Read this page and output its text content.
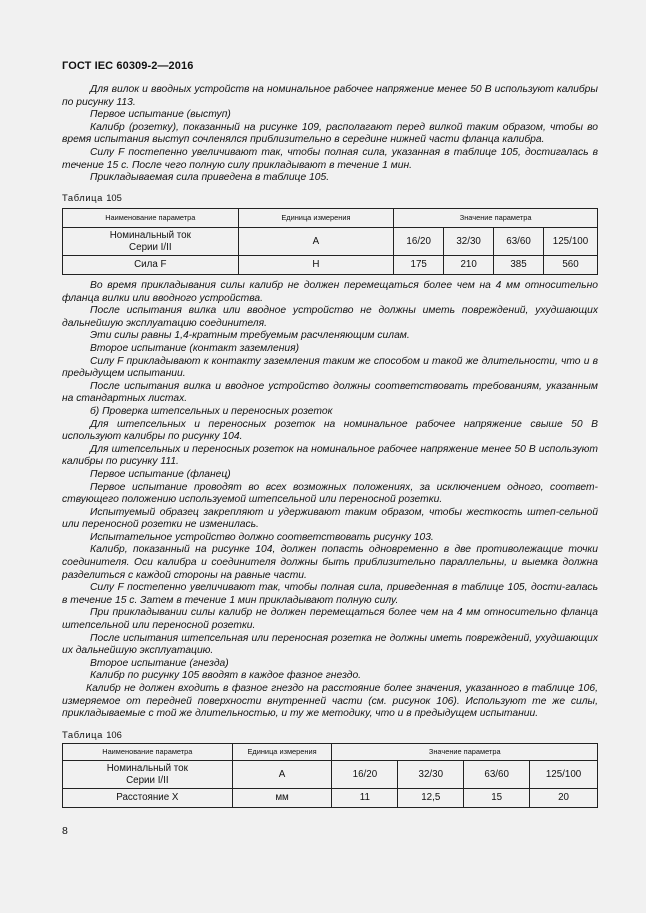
ГОСТ IEC 60309-2—2016

Для вилок и вводных устройств на номинальное рабочее напряжение менее 50 В используют калибры по рисунку 113.

Первое испытание (выступ)

Калибр (розетку), показанный на рисунке 109, располагают перед вилкой таким образом, чтобы во время испытания выступ сочленялся приблизительно в середине нижней части фланца калибра.

Силу F постепенно увеличивают так, чтобы полная сила, указанная в таблице 105, достигалась в течение 15 с. После чего полную силу прикладывают в течение 1 мин.

Прикладываемая сила приведена в таблице 105.

Таблица 105
Наименование параметра	Единица измерения	Значение параметра			

Номинальный ток
Серии I/II	А	16/20	32/30	63/60	125/100
Сила F	Н	175	210	385	560

Во время прикладывания силы калибр не должен перемещаться более чем на 4 мм относительно фланца вилки или вводного устройства.

После испытания вилка или вводное устройство не должны иметь повреждений, ухудшающих дальнейшую эксплуатацию соединителя.

Эти силы равны 1,4-кратным требуемым расчленяющим силам.

Второе испытание (контакт заземления)

Силу F прикладывают к контакту заземления таким же способом и такой же длительности, что и в предыдущем испытании.

После испытания вилка и вводное устройство должны соответствовать требованиям, указанным на стандартных листах.

б) Проверка штепсельных и переносных розеток

Для штепсельных и переносных розеток на номинальное рабочее напряжение свыше 50 В используют калибры по рисунку 104.

Для штепсельных и переносных розеток на номинальное рабочее напряжение менее 50 В используют калибры по рисунку 111.

Первое испытание (фланец)

Первое испытание проводят во всех возможных положениях, за исключением одного, соответ-ствующего положению используемой штепсельной или переносной розетки.

Испытуемый образец закрепляют и удерживают таким образом, чтобы жесткость штеп-сельной или переносной розетки не изменилась.

Испытательное устройство должно соответствовать рисунку 103.

Калибр, показанный на рисунке 104, должен попасть одновременно в две противолежащие точки соединителя. Оси калибра и соединителя должны быть приблизительно параллельны, и выемка должна разделиться с каждой стороны на равные части.

Силу F постепенно увеличивают так, чтобы полная сила, приведенная в таблице 105, дости-галась в течение 15 с. Затем в течение 1 мин прикладывают полную силу.

При прикладывании силы калибр не должен перемещаться более чем на 4 мм относительно фланца штепсельной или переносной розетки.

После испытания штепсельная или переносная розетка не должны иметь повреждений, ухудшающих их дальнейшую эксплуатацию.

Второе испытание (гнезда)

Калибр по рисунку 105 вводят в каждое фазное гнездо.

Калибр не должен входить в фазное гнездо на расстояние более значения, указанного в таблице 106, измеряемое от передней поверхности внутренней части (см. рисунок 106). Используют те же силы, прикладываемые с той же длительностью, и ту же методику, что и в предыдущем испытании.

Таблица 106
Наименование параметра	Единица измерения	Значение параметра			

Номинальный ток
Серии I/II	А	16/20	32/30	63/60	125/100
Расстояние X	мм	11	12,5	15	20
8
